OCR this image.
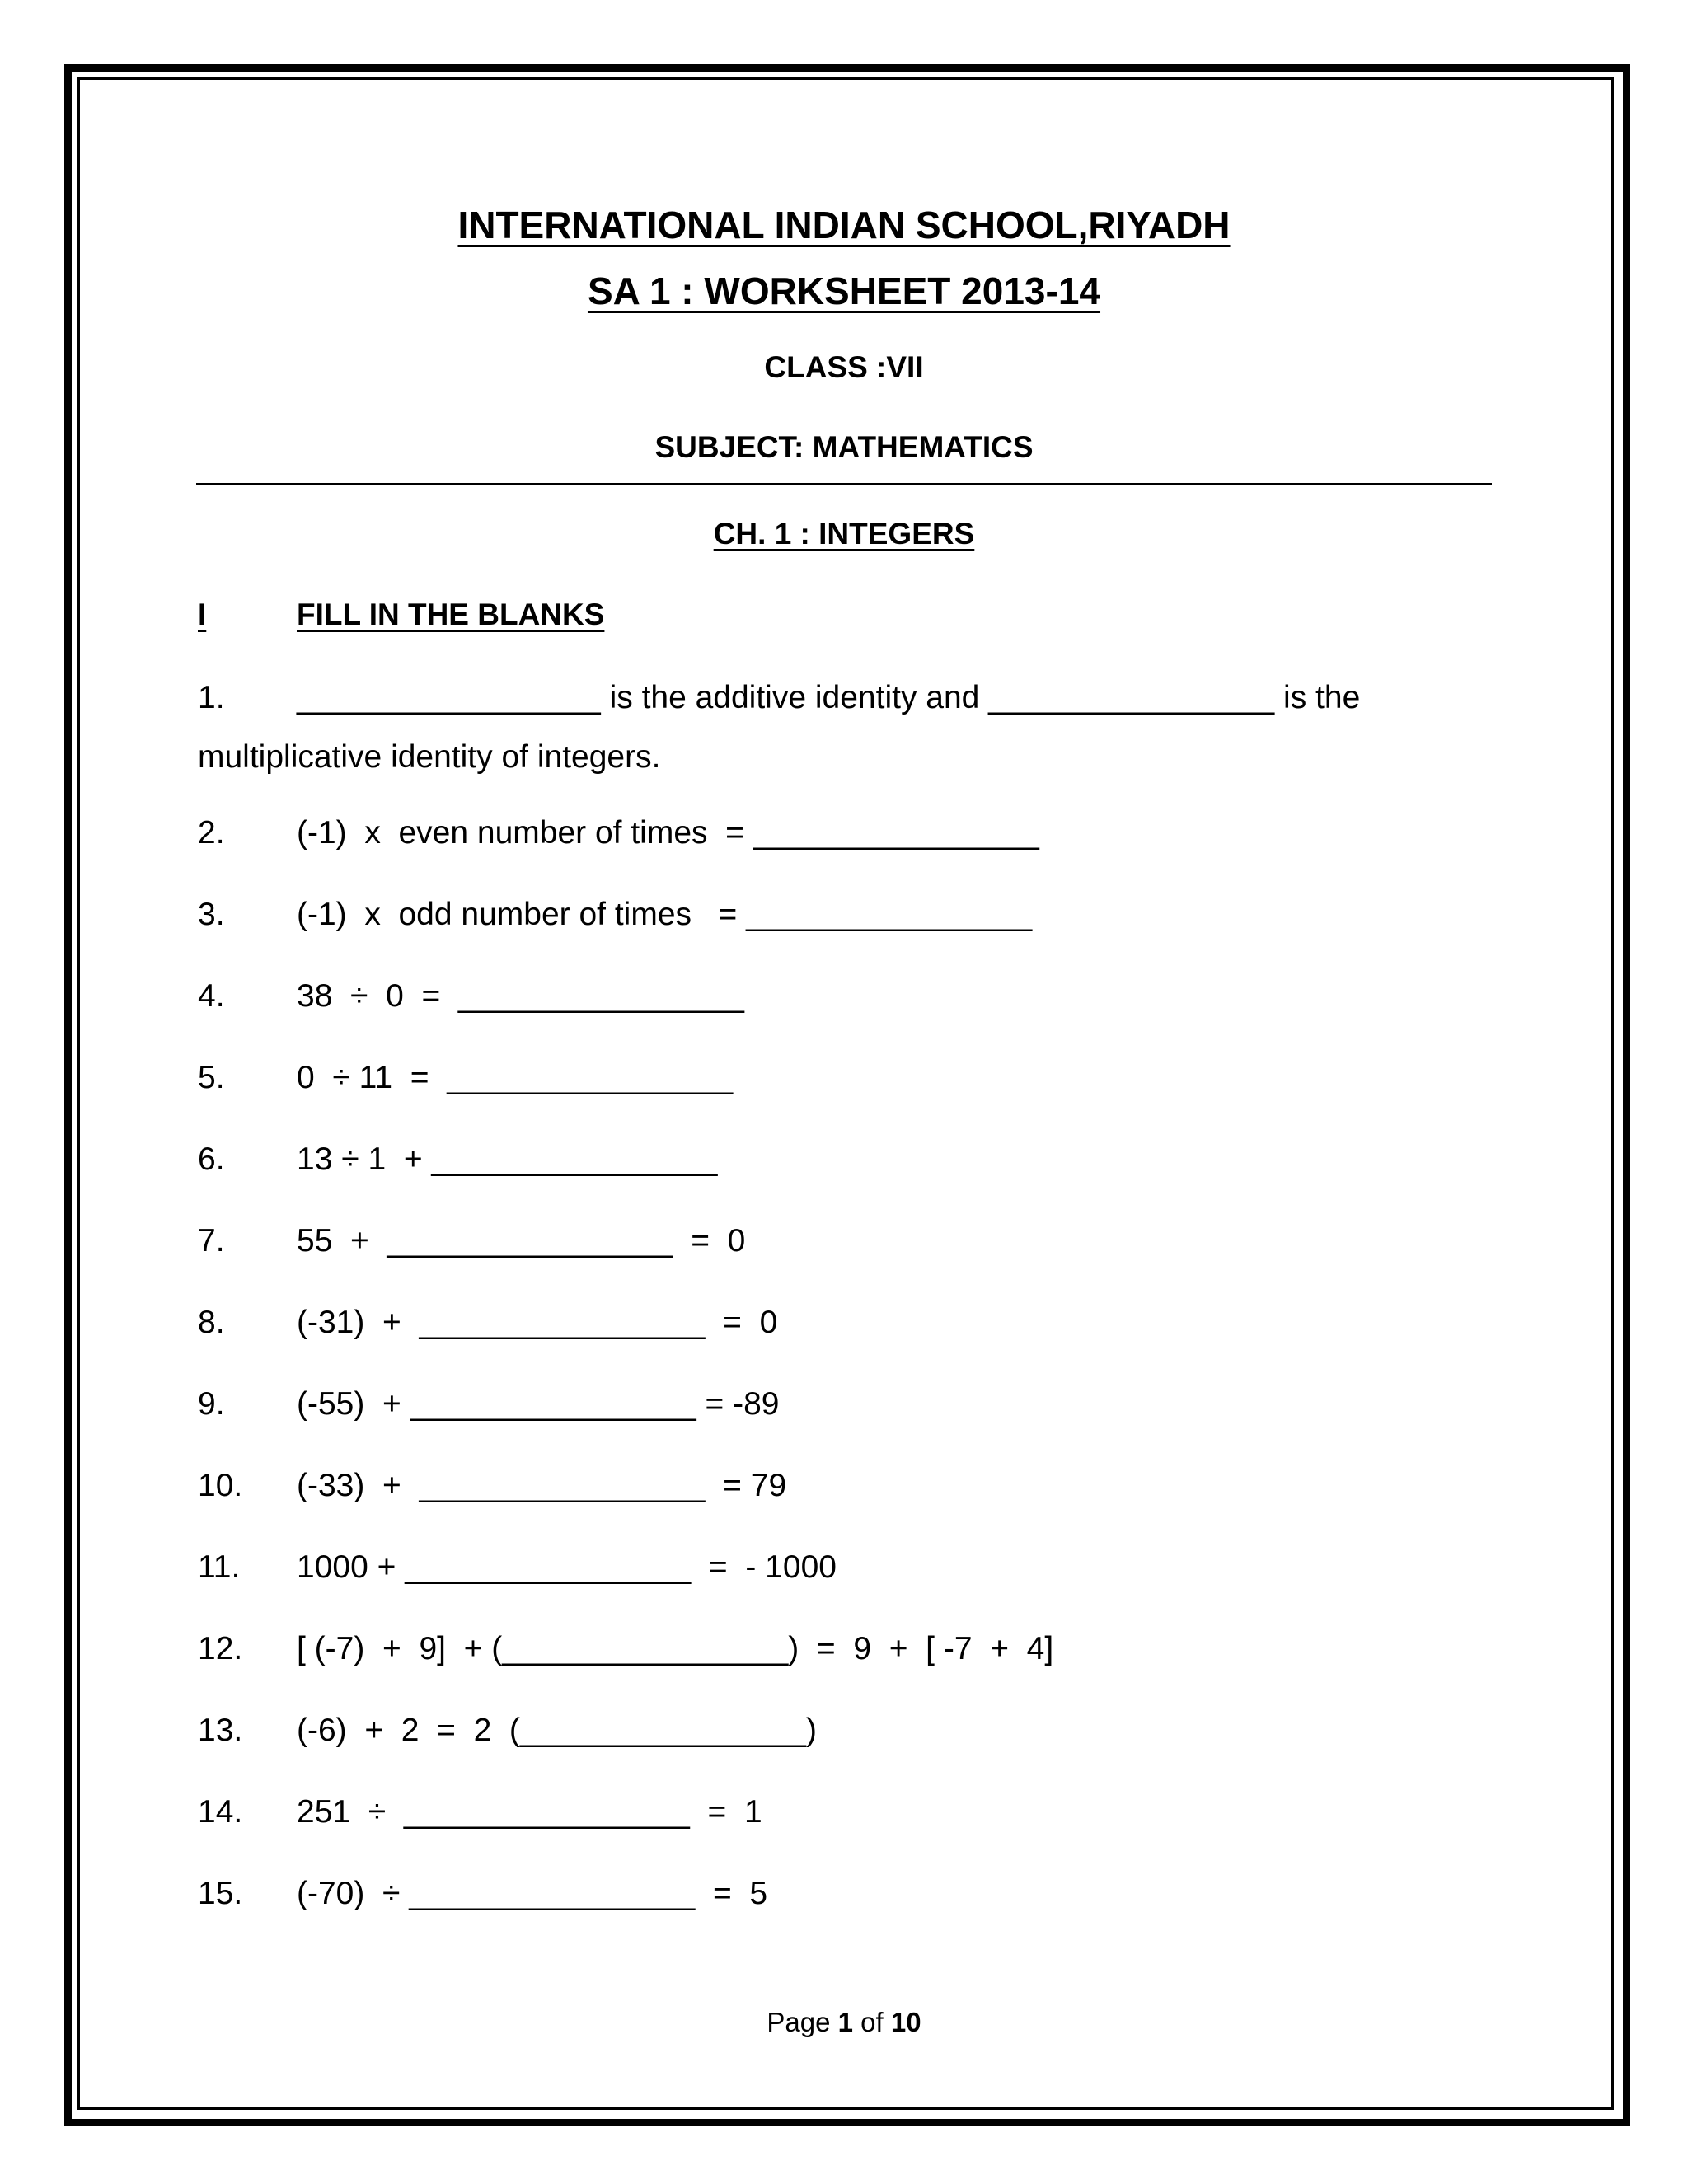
INTERNATIONAL INDIAN SCHOOL,RIYADH
SA 1 : WORKSHEET 2013-14
CLASS :VII
SUBJECT: MATHEMATICS
CH. 1 : INTEGERS
I	FILL IN THE BLANKS
1. _________________ is the additive identity and ________________ is the
multiplicative identity of integers.
2. (-1)  x  even number of times  = ________________
3. (-1)  x  odd number of times   = ________________
4. 38  ÷  0  =  ________________
5. 0  ÷ 11  =  ________________
6. 13 ÷ 1  + ________________
7. 55  +  ________________  =  0
8. (-31)  +  ________________  =  0
9. (-55)  + ________________ = -89
10. (-33)  +  ________________  = 79
11. 1000 + ________________  =  - 1000
12. [ (-7)  +  9]  + (________________)  =  9  +  [ -7  +  4]
13. (-6)  +  2  =  2  (________________)
14. 251  ÷  ________________  =  1
15. (-70)  ÷ ________________  =  5
Page 1 of 10
